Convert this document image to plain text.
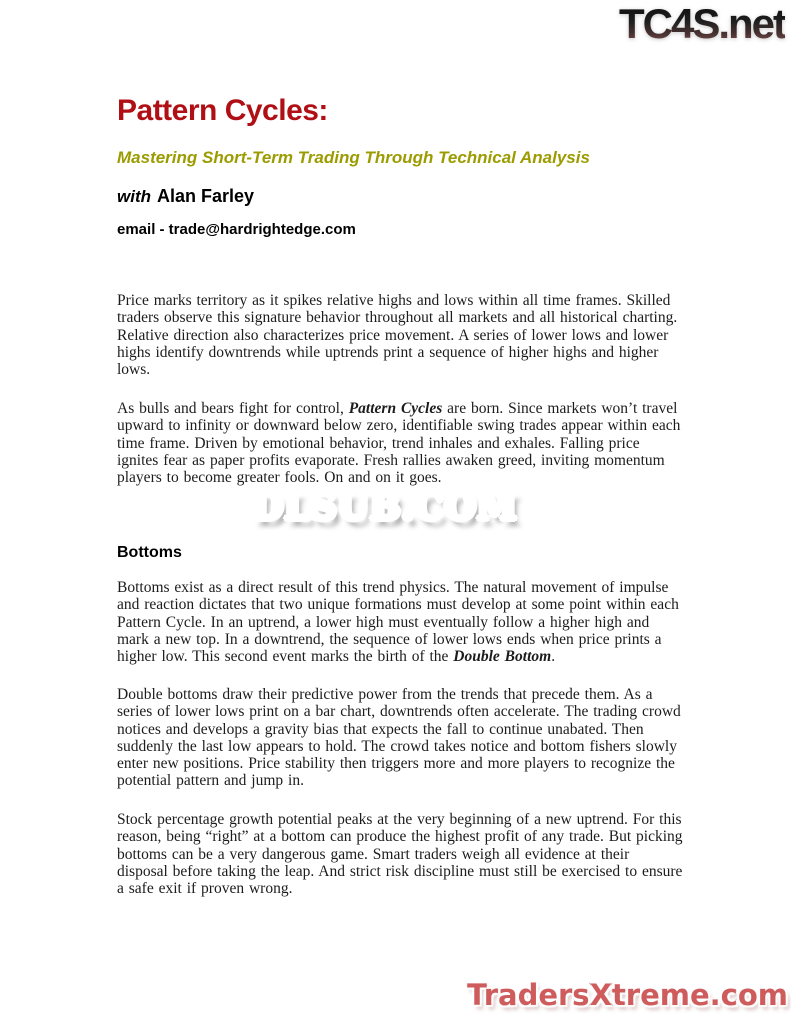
TC4S.net
Pattern Cycles:
Mastering Short-Term Trading Through Technical Analysis
with Alan Farley
email - trade@hardrightedge.com

Price marks territory as it spikes relative highs and lows within all time frames. Skilled traders observe this signature behavior throughout all markets and all historical charting. Relative direction also characterizes price movement. A series of lower lows and lower highs identify downtrends while uptrends print a sequence of higher highs and higher lows.

As bulls and bears fight for control, Pattern Cycles are born. Since markets won’t travel upward to infinity or downward below zero, identifiable swing trades appear within each time frame. Driven by emotional behavior, trend inhales and exhales. Falling price ignites fear as paper profits evaporate. Fresh rallies awaken greed, inviting momentum players to become greater fools. On and on it goes.

DLSUB.COM
Bottoms

Bottoms exist as a direct result of this trend physics. The natural movement of impulse and reaction dictates that two unique formations must develop at some point within each Pattern Cycle. In an uptrend, a lower high must eventually follow a higher high and mark a new top. In a downtrend, the sequence of lower lows ends when price prints a higher low. This second event marks the birth of the Double Bottom.

Double bottoms draw their predictive power from the trends that precede them. As a series of lower lows print on a bar chart, downtrends often accelerate. The trading crowd notices and develops a gravity bias that expects the fall to continue unabated. Then suddenly the last low appears to hold. The crowd takes notice and bottom fishers slowly enter new positions. Price stability then triggers more and more players to recognize the potential pattern and jump in.

Stock percentage growth potential peaks at the very beginning of a new uptrend. For this reason, being “right” at a bottom can produce the highest profit of any trade. But picking bottoms can be a very dangerous game. Smart traders weigh all evidence at their disposal before taking the leap. And strict risk discipline must still be exercised to ensure a safe exit if proven wrong.

TradersXtreme.com
